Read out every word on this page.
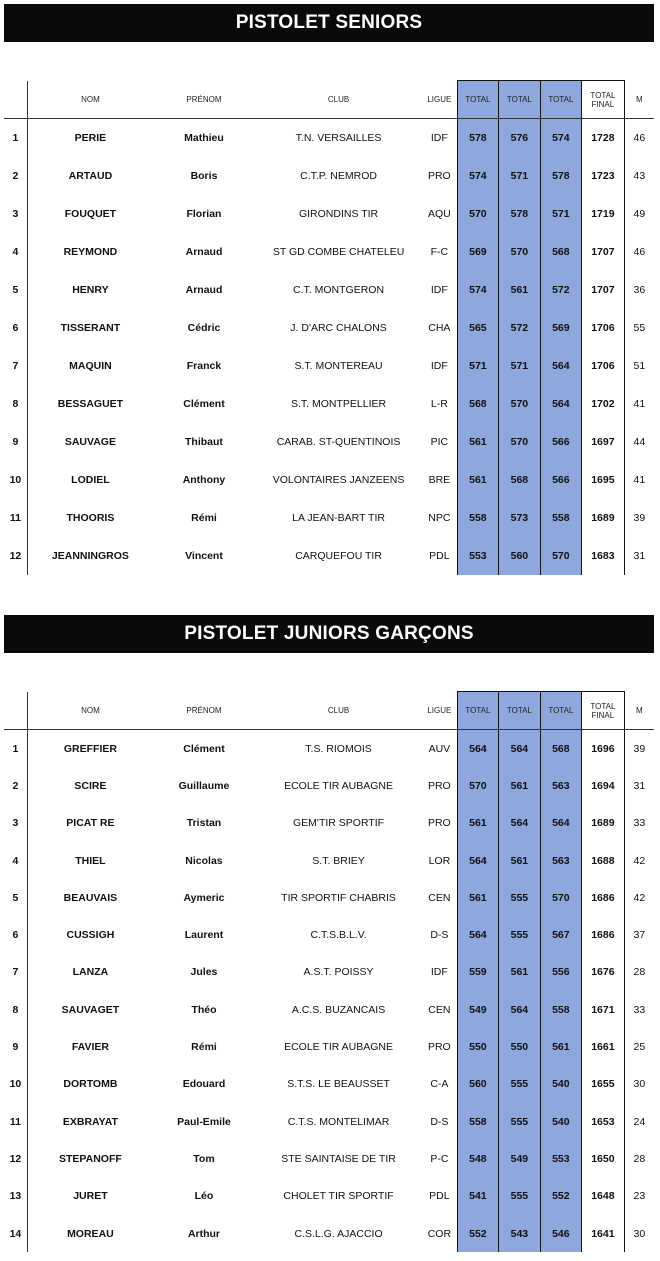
PISTOLET SENIORS
	NOM	PRÉNOM	CLUB	LIGUE	TOTAL	TOTAL	TOTAL	TOTAL FINAL	M
1	PERIE	Mathieu	T.N. VERSAILLES	IDF	578	576	574	1728	46
2	ARTAUD	Boris	C.T.P. NEMROD	PRO	574	571	578	1723	43
3	FOUQUET	Florian	GIRONDINS TIR	AQU	570	578	571	1719	49
4	REYMOND	Arnaud	ST GD COMBE CHATELEU	F-C	569	570	568	1707	46
5	HENRY	Arnaud	C.T. MONTGERON	IDF	574	561	572	1707	36
6	TISSERANT	Cédric	J. D'ARC CHALONS	CHA	565	572	569	1706	55
7	MAQUIN	Franck	S.T. MONTEREAU	IDF	571	571	564	1706	51
8	BESSAGUET	Clément	S.T. MONTPELLIER	L-R	568	570	564	1702	41
9	SAUVAGE	Thibaut	CARAB. ST-QUENTINOIS	PIC	561	570	566	1697	44
10	LODIEL	Anthony	VOLONTAIRES JANZEENS	BRE	561	568	566	1695	41
11	THOORIS	Rémi	LA JEAN-BART TIR	NPC	558	573	558	1689	39
12	JEANNINGROS	Vincent	CARQUEFOU TIR	PDL	553	560	570	1683	31
PISTOLET JUNIORS GARÇONS
	NOM	PRÉNOM	CLUB	LIGUE	TOTAL	TOTAL	TOTAL	TOTAL FINAL	M
1	GREFFIER	Clément	T.S. RIOMOIS	AUV	564	564	568	1696	39
2	SCIRE	Guillaume	ECOLE TIR AUBAGNE	PRO	570	561	563	1694	31
3	PICAT RE	Tristan	GEM'TIR SPORTIF	PRO	561	564	564	1689	33
4	THIEL	Nicolas	S.T. BRIEY	LOR	564	561	563	1688	42
5	BEAUVAIS	Aymeric	TIR SPORTIF CHABRIS	CEN	561	555	570	1686	42
6	CUSSIGH	Laurent	C.T.S.B.L.V.	D-S	564	555	567	1686	37
7	LANZA	Jules	A.S.T. POISSY	IDF	559	561	556	1676	28
8	SAUVAGET	Théo	A.C.S. BUZANCAIS	CEN	549	564	558	1671	33
9	FAVIER	Rémi	ECOLE TIR AUBAGNE	PRO	550	550	561	1661	25
10	DORTOMB	Edouard	S.T.S. LE BEAUSSET	C-A	560	555	540	1655	30
11	EXBRAYAT	Paul-Emile	C.T.S. MONTELIMAR	D-S	558	555	540	1653	24
12	STEPANOFF	Tom	STE SAINTAISE DE TIR	P-C	548	549	553	1650	28
13	JURET	Léo	CHOLET TIR SPORTIF	PDL	541	555	552	1648	23
14	MOREAU	Arthur	C.S.L.G. AJACCIO	COR	552	543	546	1641	30
